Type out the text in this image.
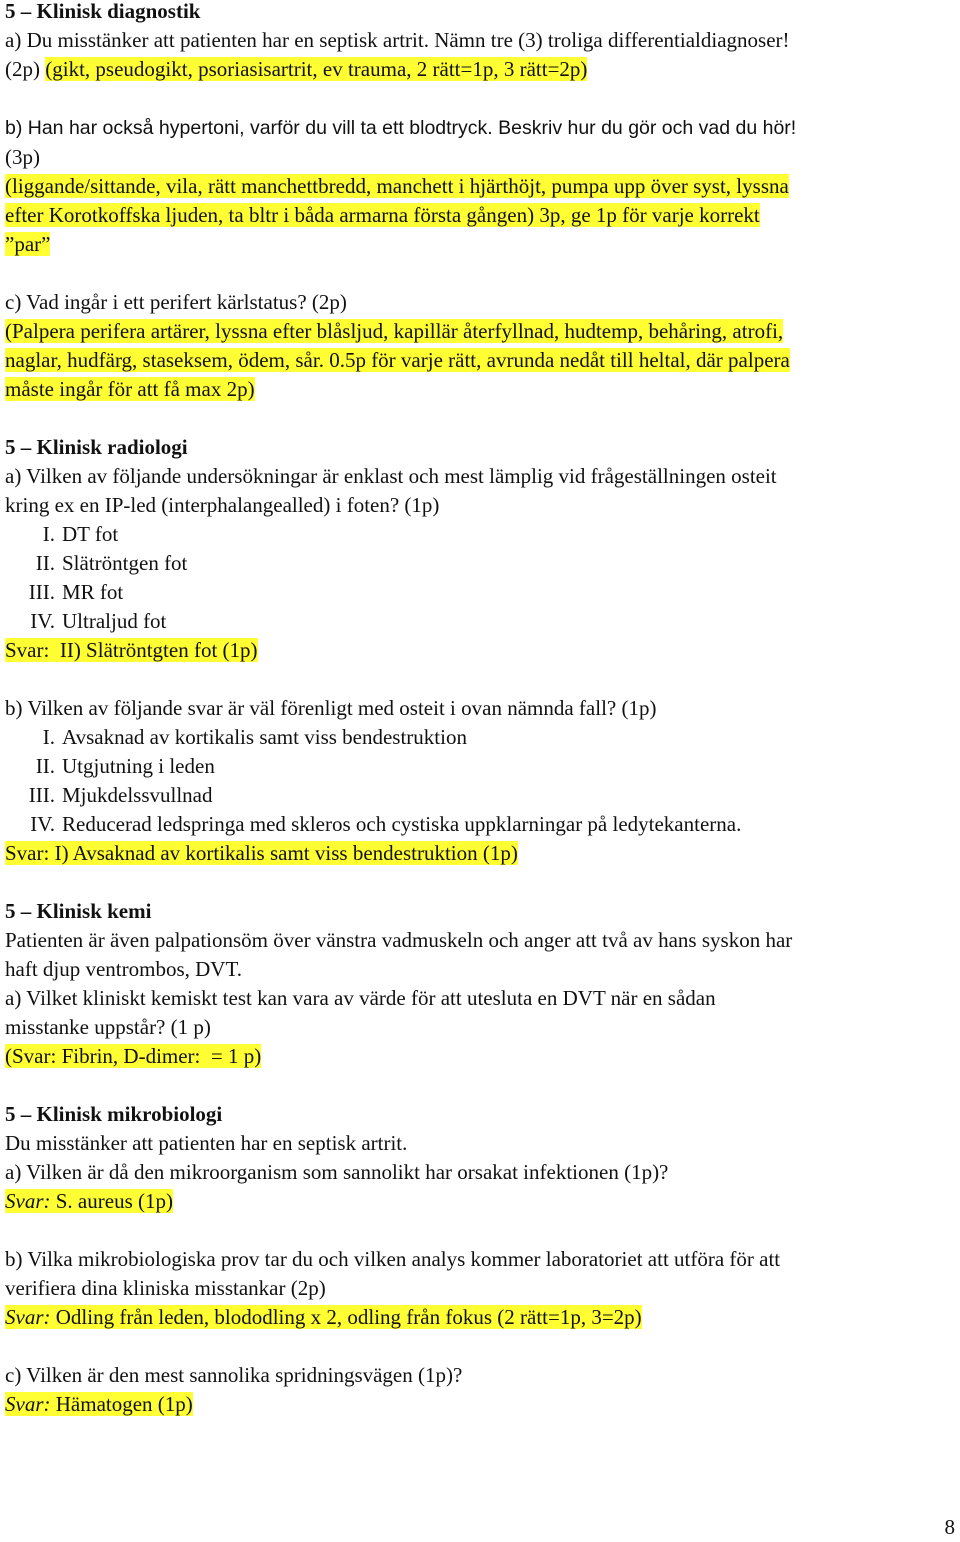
5 – Klinisk diagnostik

a) Du misstänker att patienten har en septisk artrit. Nämn tre (3) troliga differentialdiagnoser!

(2p) (gikt, pseudogikt, psoriasisartrit, ev trauma, 2 rätt=1p, 3 rätt=2p)

b) Han har också hypertoni, varför du vill ta ett blodtryck. Beskriv hur du gör och vad du hör!

(3p)

(liggande/sittande, vila, rätt manchettbredd, manchett i hjärthöjt, pumpa upp över syst, lyssna

efter Korotkoffska ljuden, ta bltr i båda armarna första gången) 3p, ge 1p för varje korrekt

”par”

c) Vad ingår i ett perifert kärlstatus? (2p)

(Palpera perifera artärer, lyssna efter blåsljud, kapillär återfyllnad, hudtemp, behåring, atrofi,

naglar, hudfärg, staseksem, ödem, sår. 0.5p för varje rätt, avrunda nedåt till heltal, där palpera

måste ingår för att få max 2p)

5 – Klinisk radiologi

a) Vilken av följande undersökningar är enklast och mest lämplig vid frågeställningen osteit

kring ex en IP-led (interphalangealled) i foten? (1p)

I. DT fot
II. Slätröntgen fot
III. MR fot
IV. Ultraljud fot

Svar:  II) Slätröntgten fot (1p)

b) Vilken av följande svar är väl förenligt med osteit i ovan nämnda fall? (1p)

I. Avsaknad av kortikalis samt viss bendestruktion
II. Utgjutning i leden
III. Mjukdelssvullnad
IV. Reducerad ledspringa med skleros och cystiska uppklarningar på ledytekanterna.

Svar: I) Avsaknad av kortikalis samt viss bendestruktion (1p)

5 – Klinisk kemi

Patienten är även palpationsöm över vänstra vadmuskeln och anger att två av hans syskon har

haft djup ventrombos, DVT.

a) Vilket kliniskt kemiskt test kan vara av värde för att utesluta en DVT när en sådan

misstanke uppstår? (1 p)

(Svar: Fibrin, D-dimer:  = 1 p)

5 – Klinisk mikrobiologi

Du misstänker att patienten har en septisk artrit.

a) Vilken är då den mikroorganism som sannolikt har orsakat infektionen (1p)?

Svar: S. aureus (1p)

b) Vilka mikrobiologiska prov tar du och vilken analys kommer laboratoriet att utföra för att

verifiera dina kliniska misstankar (2p)

Svar: Odling från leden, blododling x 2, odling från fokus (2 rätt=1p, 3=2p)

c) Vilken är den mest sannolika spridningsvägen (1p)?

Svar: Hämatogen (1p)

8
